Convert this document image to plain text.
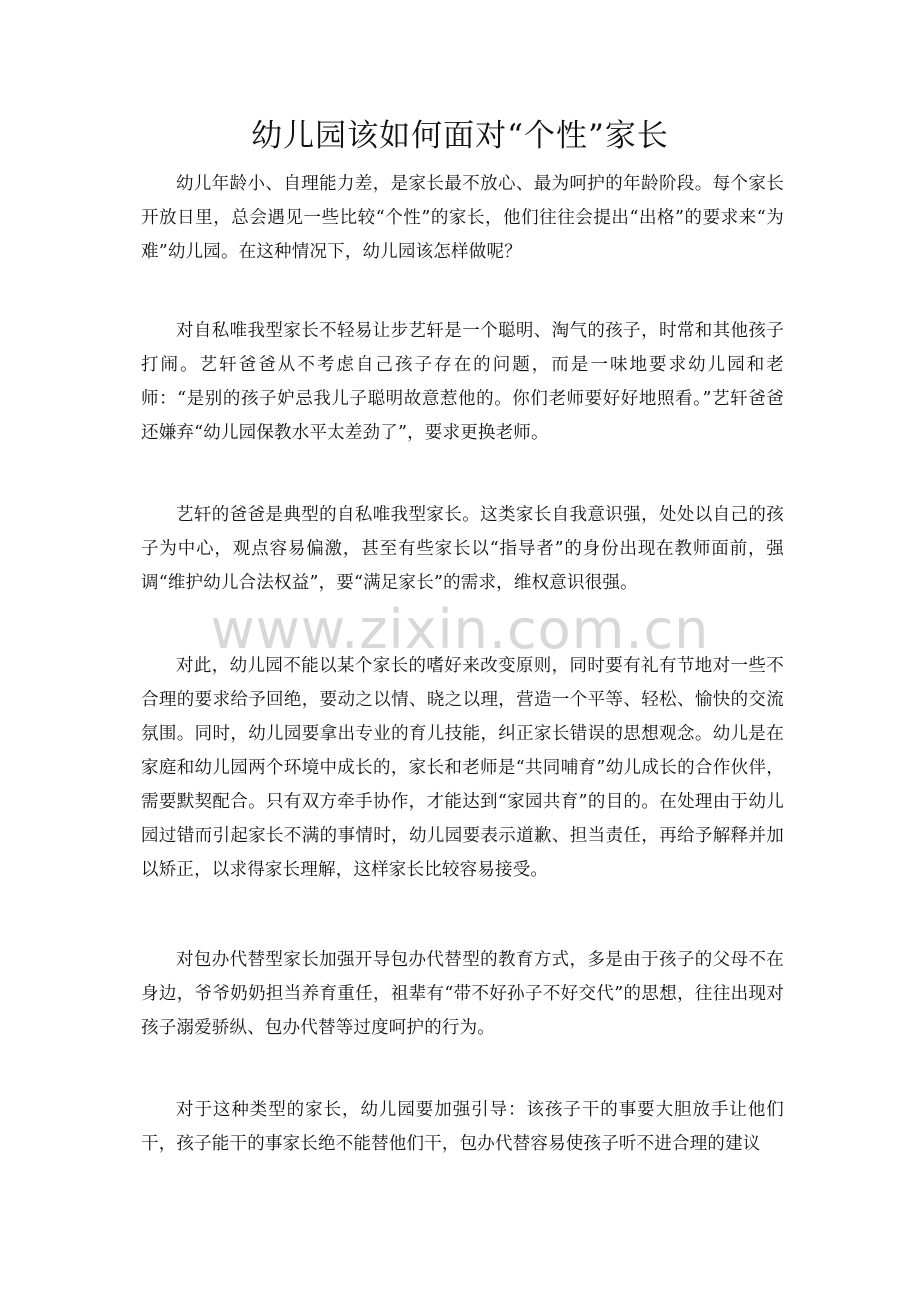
幼儿园该如何面对“个性”家长
www.zixin.com.cn

幼儿年龄小、自理能力差，是家长最不放心、最为呵护的年龄阶段。每个家长开放日里，总会遇见一些比较“个性”的家长，他们往往会提出“出格”的要求来“为难”幼儿园。在这种情况下，幼儿园该怎样做呢？

对自私唯我型家长不轻易让步艺轩是一个聪明、淘气的孩子，时常和其他孩子打闹。艺轩爸爸从不考虑自己孩子存在的问题，而是一味地要求幼儿园和老师：“是别的孩子妒忌我儿子聪明故意惹他的。你们老师要好好地照看。”艺轩爸爸还嫌弃“幼儿园保教水平太差劲了”，要求更换老师。

艺轩的爸爸是典型的自私唯我型家长。这类家长自我意识强，处处以自己的孩子为中心，观点容易偏激，甚至有些家长以“指导者”的身份出现在教师面前，强调“维护幼儿合法权益”，要“满足家长”的需求，维权意识很强。

对此，幼儿园不能以某个家长的嗜好来改变原则，同时要有礼有节地对一些不合理的要求给予回绝，要动之以情、晓之以理，营造一个平等、轻松、愉快的交流氛围。同时，幼儿园要拿出专业的育儿技能，纠正家长错误的思想观念。幼儿是在家庭和幼儿园两个环境中成长的，家长和老师是“共同哺育”幼儿成长的合作伙伴，需要默契配合。只有双方牵手协作，才能达到“家园共育”的目的。在处理由于幼儿园过错而引起家长不满的事情时，幼儿园要表示道歉、担当责任，再给予解释并加以矫正，以求得家长理解，这样家长比较容易接受。

对包办代替型家长加强开导包办代替型的教育方式，多是由于孩子的父母不在身边，爷爷奶奶担当养育重任，祖辈有“带不好孙子不好交代”的思想，往往出现对孩子溺爱骄纵、包办代替等过度呵护的行为。

对于这种类型的家长，幼儿园要加强引导：该孩子干的事要大胆放手让他们干，孩子能干的事家长绝不能替他们干，包办代替容易使孩子听不进合理的建议
